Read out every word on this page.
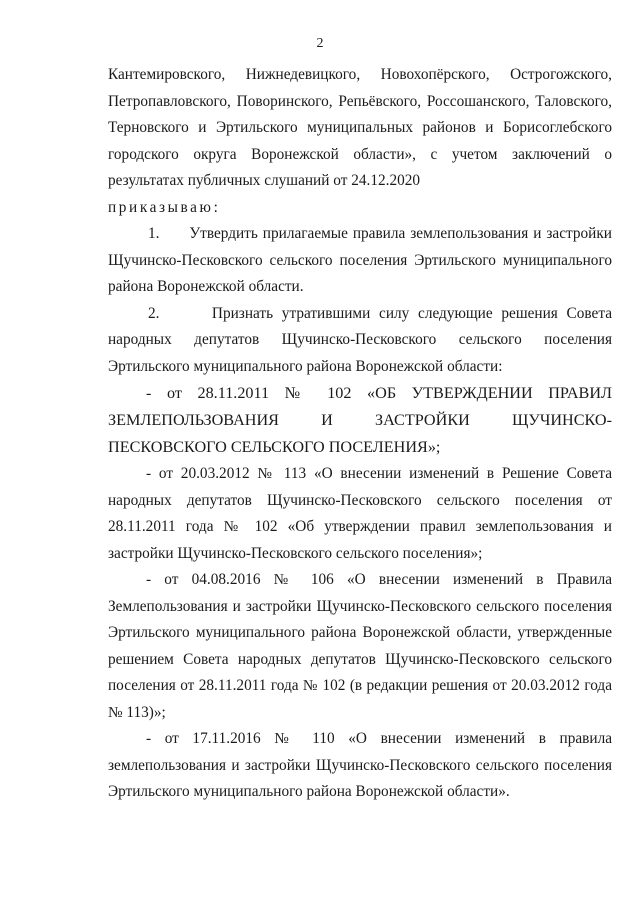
2

Кантемировского, Нижнедевицкого, Новохопёрского, Острогожского, Петропавловского, Поворинского, Репьёвского, Россошанского, Таловского, Терновского и Эртильского муниципальных районов и Борисоглебского городского округа Воронежской области», с учетом заключений о результатах публичных слушаний от 24.12.2020

приказываю:

1.      Утвердить прилагаемые правила землепользования и застройки Щучинско-Песковского сельского поселения Эртильского муниципального района Воронежской области.

2.      Признать утратившими силу следующие решения Совета народных депутатов Щучинско-Песковского сельского поселения Эртильского муниципального района Воронежской области:

- от 28.11.2011 № 102 «ОБ УТВЕРЖДЕНИИ ПРАВИЛ ЗЕМЛЕПОЛЬЗОВАНИЯ И ЗАСТРОЙКИ ЩУЧИНСКО-ПЕСКОВСКОГО СЕЛЬСКОГО ПОСЕЛЕНИЯ»;

- от 20.03.2012 № 113 «О внесении изменений в Решение Совета народных депутатов Щучинско-Песковского сельского поселения от 28.11.2011 года № 102 «Об утверждении правил землепользования и застройки Щучинско-Песковского сельского поселения»;

- от 04.08.2016 № 106 «О внесении изменений в Правила Землепользования и застройки Щучинско-Песковского сельского поселения Эртильского муниципального района Воронежской области, утвержденные решением Совета народных депутатов Щучинско-Песковского сельского поселения от 28.11.2011 года № 102 (в редакции решения от 20.03.2012 года № 113)»;

- от 17.11.2016 № 110 «О внесении изменений в правила землепользования и застройки Щучинско-Песковского сельского поселения Эртильского муниципального района Воронежской области».
